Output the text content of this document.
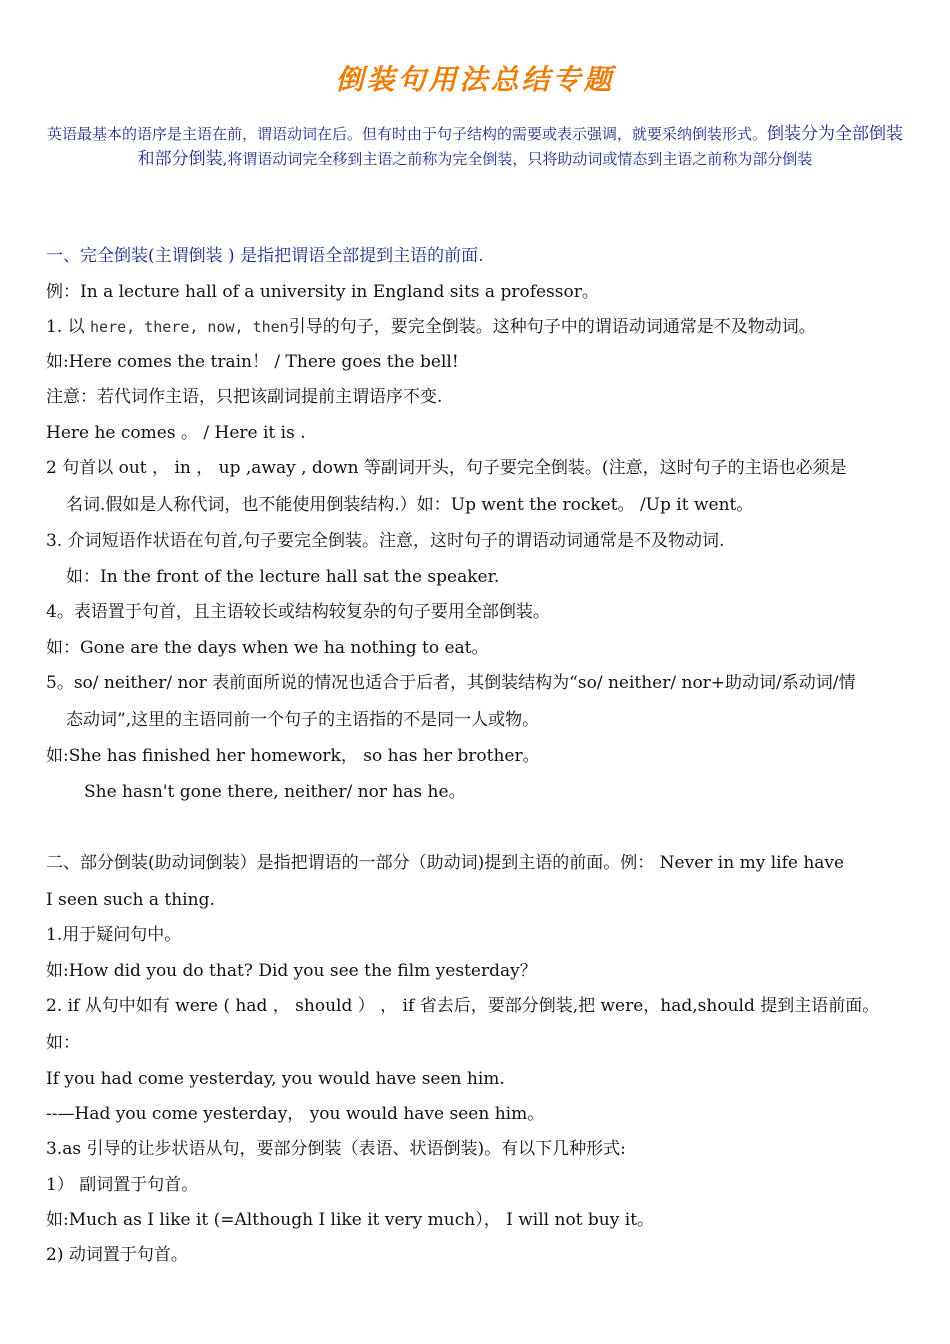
倒装句用法总结专题
英语最基本的语序是主语在前，谓语动词在后。但有时由于句子结构的需要或表示强调，就要采纳倒装形式。倒装分为全部倒装和部分倒装,将谓语动词完全移到主语之前称为完全倒装，只将助动词或情态到主语之前称为部分倒装
一、完全倒装(主谓倒装 ) 是指把谓语全部提到主语的前面.
例：In a lecture hall of a university in England sits a professor。
1. 以 here, there, now, then引导的句子，要完全倒装。这种句子中的谓语动词通常是不及物动词。
如:Here comes the train！ / There goes the bell!
注意：若代词作主语，只把该副词提前主谓语序不变.
Here he comes 。 / Here it is .
2 句首以 out ， in ， up ,away , down 等副词开头，句子要完全倒装。(注意，这时句子的主语也必须是
名词.假如是人称代词，也不能使用倒装结构.）如：Up went the rocket。 /Up it went。
3. 介词短语作状语在句首,句子要完全倒装。注意，这时句子的谓语动词通常是不及物动词.
如：In the front of the lecture hall sat the speaker.
4。表语置于句首，且主语较长或结构较复杂的句子要用全部倒装。
如：Gone are the days when we ha nothing to eat。
5。so/ neither/ nor 表前面所说的情况也适合于后者，其倒装结构为“so/ neither/ nor+助动词/系动词/情
态动词”,这里的主语同前一个句子的主语指的不是同一人或物。
如:She has finished her homework， so has her brother。
She hasn't gone there, neither/ nor has he。
二、部分倒装(助动词倒装）是指把谓语的一部分（助动词)提到主语的前面。例： Never in my life have
I seen such a thing.
1.用于疑问句中。
如:How did you do that? Did you see the film yesterday？
2. if 从句中如有 were ( had ， should ） ， if 省去后，要部分倒装,把 were，had,should 提到主语前面。
如：
If you had come yesterday, you would have seen him.
--—Had you come yesterday， you would have seen him。
3.as 引导的让步状语从句，要部分倒装（表语、状语倒装)。有以下几种形式:
1） 副词置于句首。
如:Much as I like it (=Although I like it very much）， I will not buy it。
2) 动词置于句首。
